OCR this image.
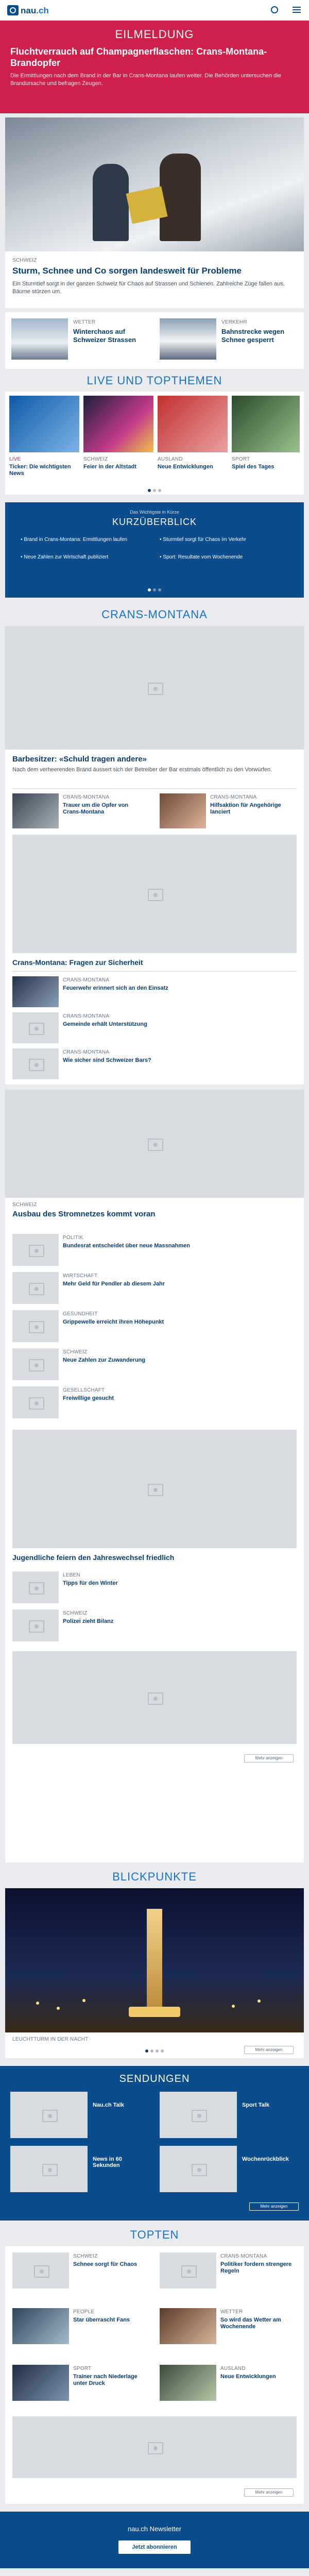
nau.ch
EILMELDUNG
Fluchtverrauch auf Champagnerflaschen: Crans-Montana-Brandopfer
Die Ermittlungen nach dem Brand in der Bar in Crans-Montana laufen weiter. Die Behörden untersuchen die Brandursache und befragen Zeugen.
SCHWEIZ
Sturm, Schnee und Co sorgen landesweit für Probleme
Ein Sturmtief sorgt in der ganzen Schweiz für Chaos auf Strassen und Schienen. Zahlreiche Züge fallen aus, Bäume stürzen um.
WETTER
Winterchaos auf Schweizer Strassen
VERKEHR
Bahnstrecke wegen Schnee gesperrt
LIVE UND TOPTHEMEN
LIVE
Ticker: Die wichtigsten News
SCHWEIZ
Feier in der Altstadt
AUSLAND
Neue Entwicklungen
SPORT
Spiel des Tages
Das Wichtigste in Kürze
KURZÜBERBLICK
• Brand in Crans-Montana: Ermittlungen laufen	• Sturmtief sorgt für Chaos im Verkehr
• Neue Zahlen zur Wirtschaft publiziert	• Sport: Resultate vom Wochenende
CRANS-MONTANA
Barbesitzer: «Schuld tragen andere»
Nach dem verheerenden Brand äussert sich der Betreiber der Bar erstmals öffentlich zu den Vorwürfen.
CRANS-MONTANA
Trauer um die Opfer von Crans-Montana
CRANS-MONTANA
Hilfsaktion für Angehörige lanciert
Crans-Montana: Fragen zur Sicherheit
CRANS-MONTANA
Feuerwehr erinnert sich an den Einsatz
CRANS-MONTANA
Gemeinde erhält Unterstützung
CRANS-MONTANA
Wie sicher sind Schweizer Bars?
SCHWEIZ
Ausbau des Stromnetzes kommt voran
POLITIK
Bundesrat entscheidet über neue Massnahmen
WIRTSCHAFT
Mehr Geld für Pendler ab diesem Jahr
GESUNDHEIT
Grippewelle erreicht ihren Höhepunkt
SCHWEIZ
Neue Zahlen zur Zuwanderung
GESELLSCHAFT
Freiwillige gesucht
Jugendliche feiern den Jahreswechsel friedlich
LEBEN
Tipps für den Winter
SCHWEIZ
Polizei zieht Bilanz
Mehr anzeigen
BLICKPUNKTE
LEUCHTTURM IN DER NACHT
Mehr anzeigen
SENDUNGEN
Nau.ch Talk	Sport Talk
News in 60 Sekunden
Wochenrückblick
Mehr anzeigen
TOPTEN
SCHWEIZ
Schnee sorgt für Chaos
CRANS-MONTANA
Politiker fordern strengere Regeln
PEOPLE
Star überrascht Fans
WETTER
So wird das Wetter am Wochenende
SPORT
Trainer nach Niederlage unter Druck
AUSLAND
Neue Entwicklungen
Mehr anzeigen
nau.ch Newsletter
Jetzt abonnieren
